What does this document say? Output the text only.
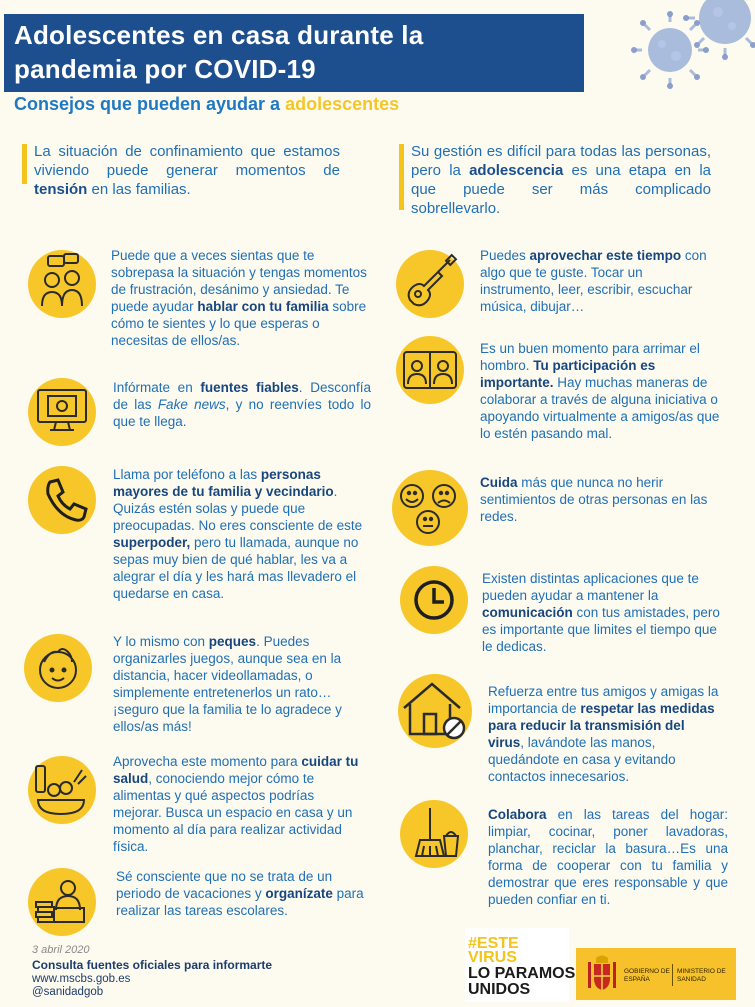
Adolescentes en casa durante la
pandemia por COVID-19
Consejos que pueden ayudar a adolescentes
La situación de confinamiento que estamos viviendo puede generar momentos de tensión en las familias.
Su gestión es difícil para todas las personas, pero la adolescencia es una etapa en la que puede ser más complicado sobrellevarlo.
Puede que a veces sientas que te sobrepasa la situación y tengas momentos de frustración, desánimo y ansiedad. Te puede ayudar hablar con tu familia sobre cómo te sientes y lo que esperas o necesitas de ellos/as.
Infórmate en fuentes fiables. Desconfía de las Fake news, y no reenvíes todo lo que te llega.
Llama por teléfono a las personas mayores de tu familia y vecindario. Quizás estén solas y puede que preocupadas. No eres consciente de este superpoder, pero tu llamada, aunque no sepas muy bien de qué hablar, les va a alegrar el día y les hará mas llevadero el quedarse en casa.
Y lo mismo con peques. Puedes organizarles juegos, aunque sea en la distancia, hacer videollamadas, o simplemente entretenerlos un rato… ¡seguro que la familia te lo agradece y ellos/as más!
Aprovecha este momento para cuidar tu salud, conociendo mejor cómo te alimentas y qué aspectos podrías mejorar. Busca un espacio en casa y un momento al día para realizar actividad física.
Sé consciente que no se trata de un periodo de vacaciones y organízate para realizar las tareas escolares.
Puedes aprovechar este tiempo con algo que te guste. Tocar un instrumento, leer, escribir, escuchar música, dibujar…
Es un buen momento para arrimar el hombro. Tu participación es importante. Hay muchas maneras de colaborar a través de alguna iniciativa o apoyando virtualmente a amigos/as que lo estén pasando mal.
Cuida más que nunca no herir sentimientos de otras personas en las redes.
Existen distintas aplicaciones que te pueden ayudar a mantener la comunicación con tus amistades, pero es importante que limites el tiempo que le dedicas.
Refuerza entre tus amigos y amigas la importancia de respetar las medidas para reducir la transmisión del virus, lavándote las manos, quedándote en casa y evitando contactos innecesarios.
Colabora en las tareas del hogar: limpiar, cocinar, poner lavadoras, planchar, reciclar la basura…Es una forma de cooperar con tu familia y demostrar que eres responsable y que pueden confiar en ti.
3 abril 2020
Consulta fuentes oficiales para informarte
www.mscbs.gob.es
@sanidadgob
#ESTE
VIRUS
LO PARAMOS
UNIDOS
GOBIERNO DE ESPAÑA
MINISTERIO DE SANIDAD
